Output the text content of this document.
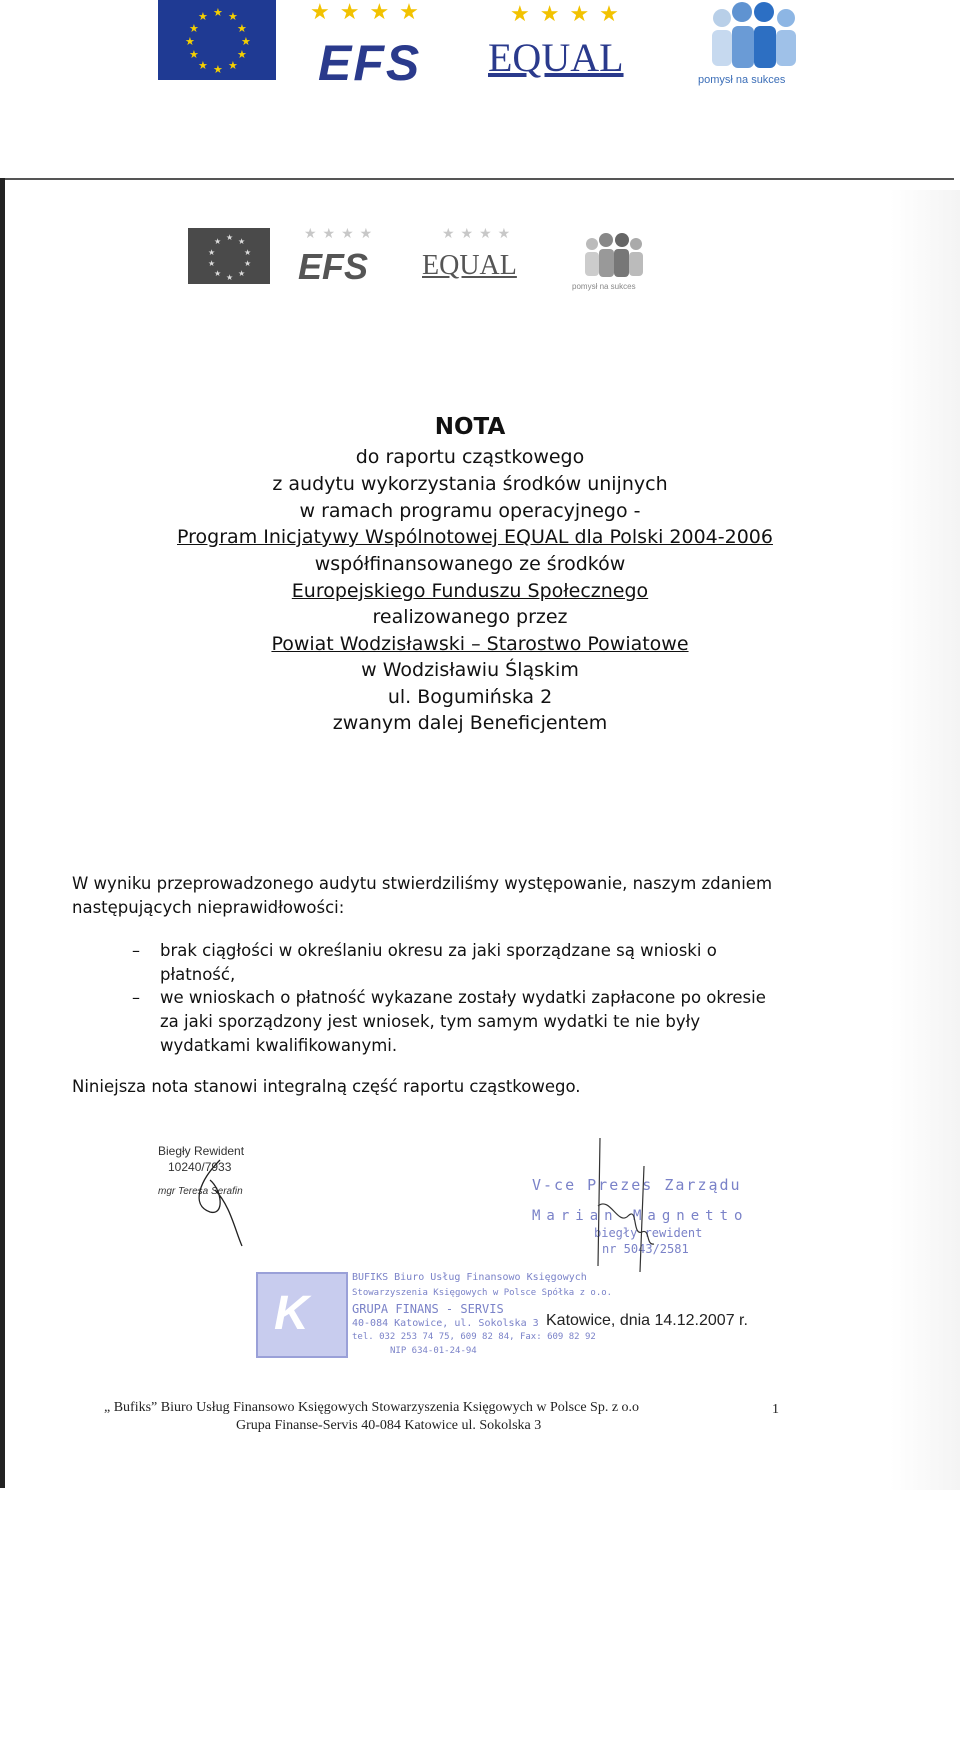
★ ★
★
★
★
★
★
★
★
★
★
★	★★★★
EFS
★★★★
EQUAL	pomysł na sukces
★ ★
★
★
★
★
★
★
★
★	★★★★
EFS
★★★★
EQUAL
pomysł na sukces
NOTA
do raportu cząstkowego
z audytu wykorzystania środków unijnych
w ramach programu operacyjnego -
Program Inicjatywy Wspólnotowej EQUAL dla Polski 2004-2006
współfinansowanego ze środków
Europejskiego Funduszu Społecznego
realizowanego przez
Powiat Wodzisławski – Starostwo Powiatowe
w Wodzisławiu Śląskim
ul. Bogumińska 2
zwanym dalej Beneficjentem
W wyniku przeprowadzonego audytu stwierdziliśmy występowanie, naszym zdaniem następujących nieprawidłowości:
– brak ciągłości w określaniu okresu za jaki sporządzane są wnioski o płatność,
– we wnioskach o płatność wykazane zostały wydatki zapłacone po okresie za jaki sporządzony jest wniosek, tym samym wydatki te nie były wydatkami kwalifikowanymi.
Niniejsza nota stanowi integralną część raportu cząstkowego.
Biegły Rewident
10240/7933
mgr Teresa Serafin	V-ce Prezes Zarządu
Marian Magnetto
biegły rewident
nr 5043/2581
K
BUFIKS Biuro Usług Finansowo Księgowych
Stowarzyszenia Księgowych w Polsce Spółka z o.o.
GRUPA FINANS - SERVIS
40-084 Katowice, ul. Sokolska 3
tel. 032 253 74 75, 609 82 84, Fax: 609 82 92
NIP 634-01-24-94
Katowice, dnia 14.12.2007 r.
„ Bufiks” Biuro Usług Finansowo Księgowych Stowarzyszenia Księgowych w Polsce Sp. z o.o
Grupa Finanse-Servis 40-084 Katowice ul. Sokolska 3
1
